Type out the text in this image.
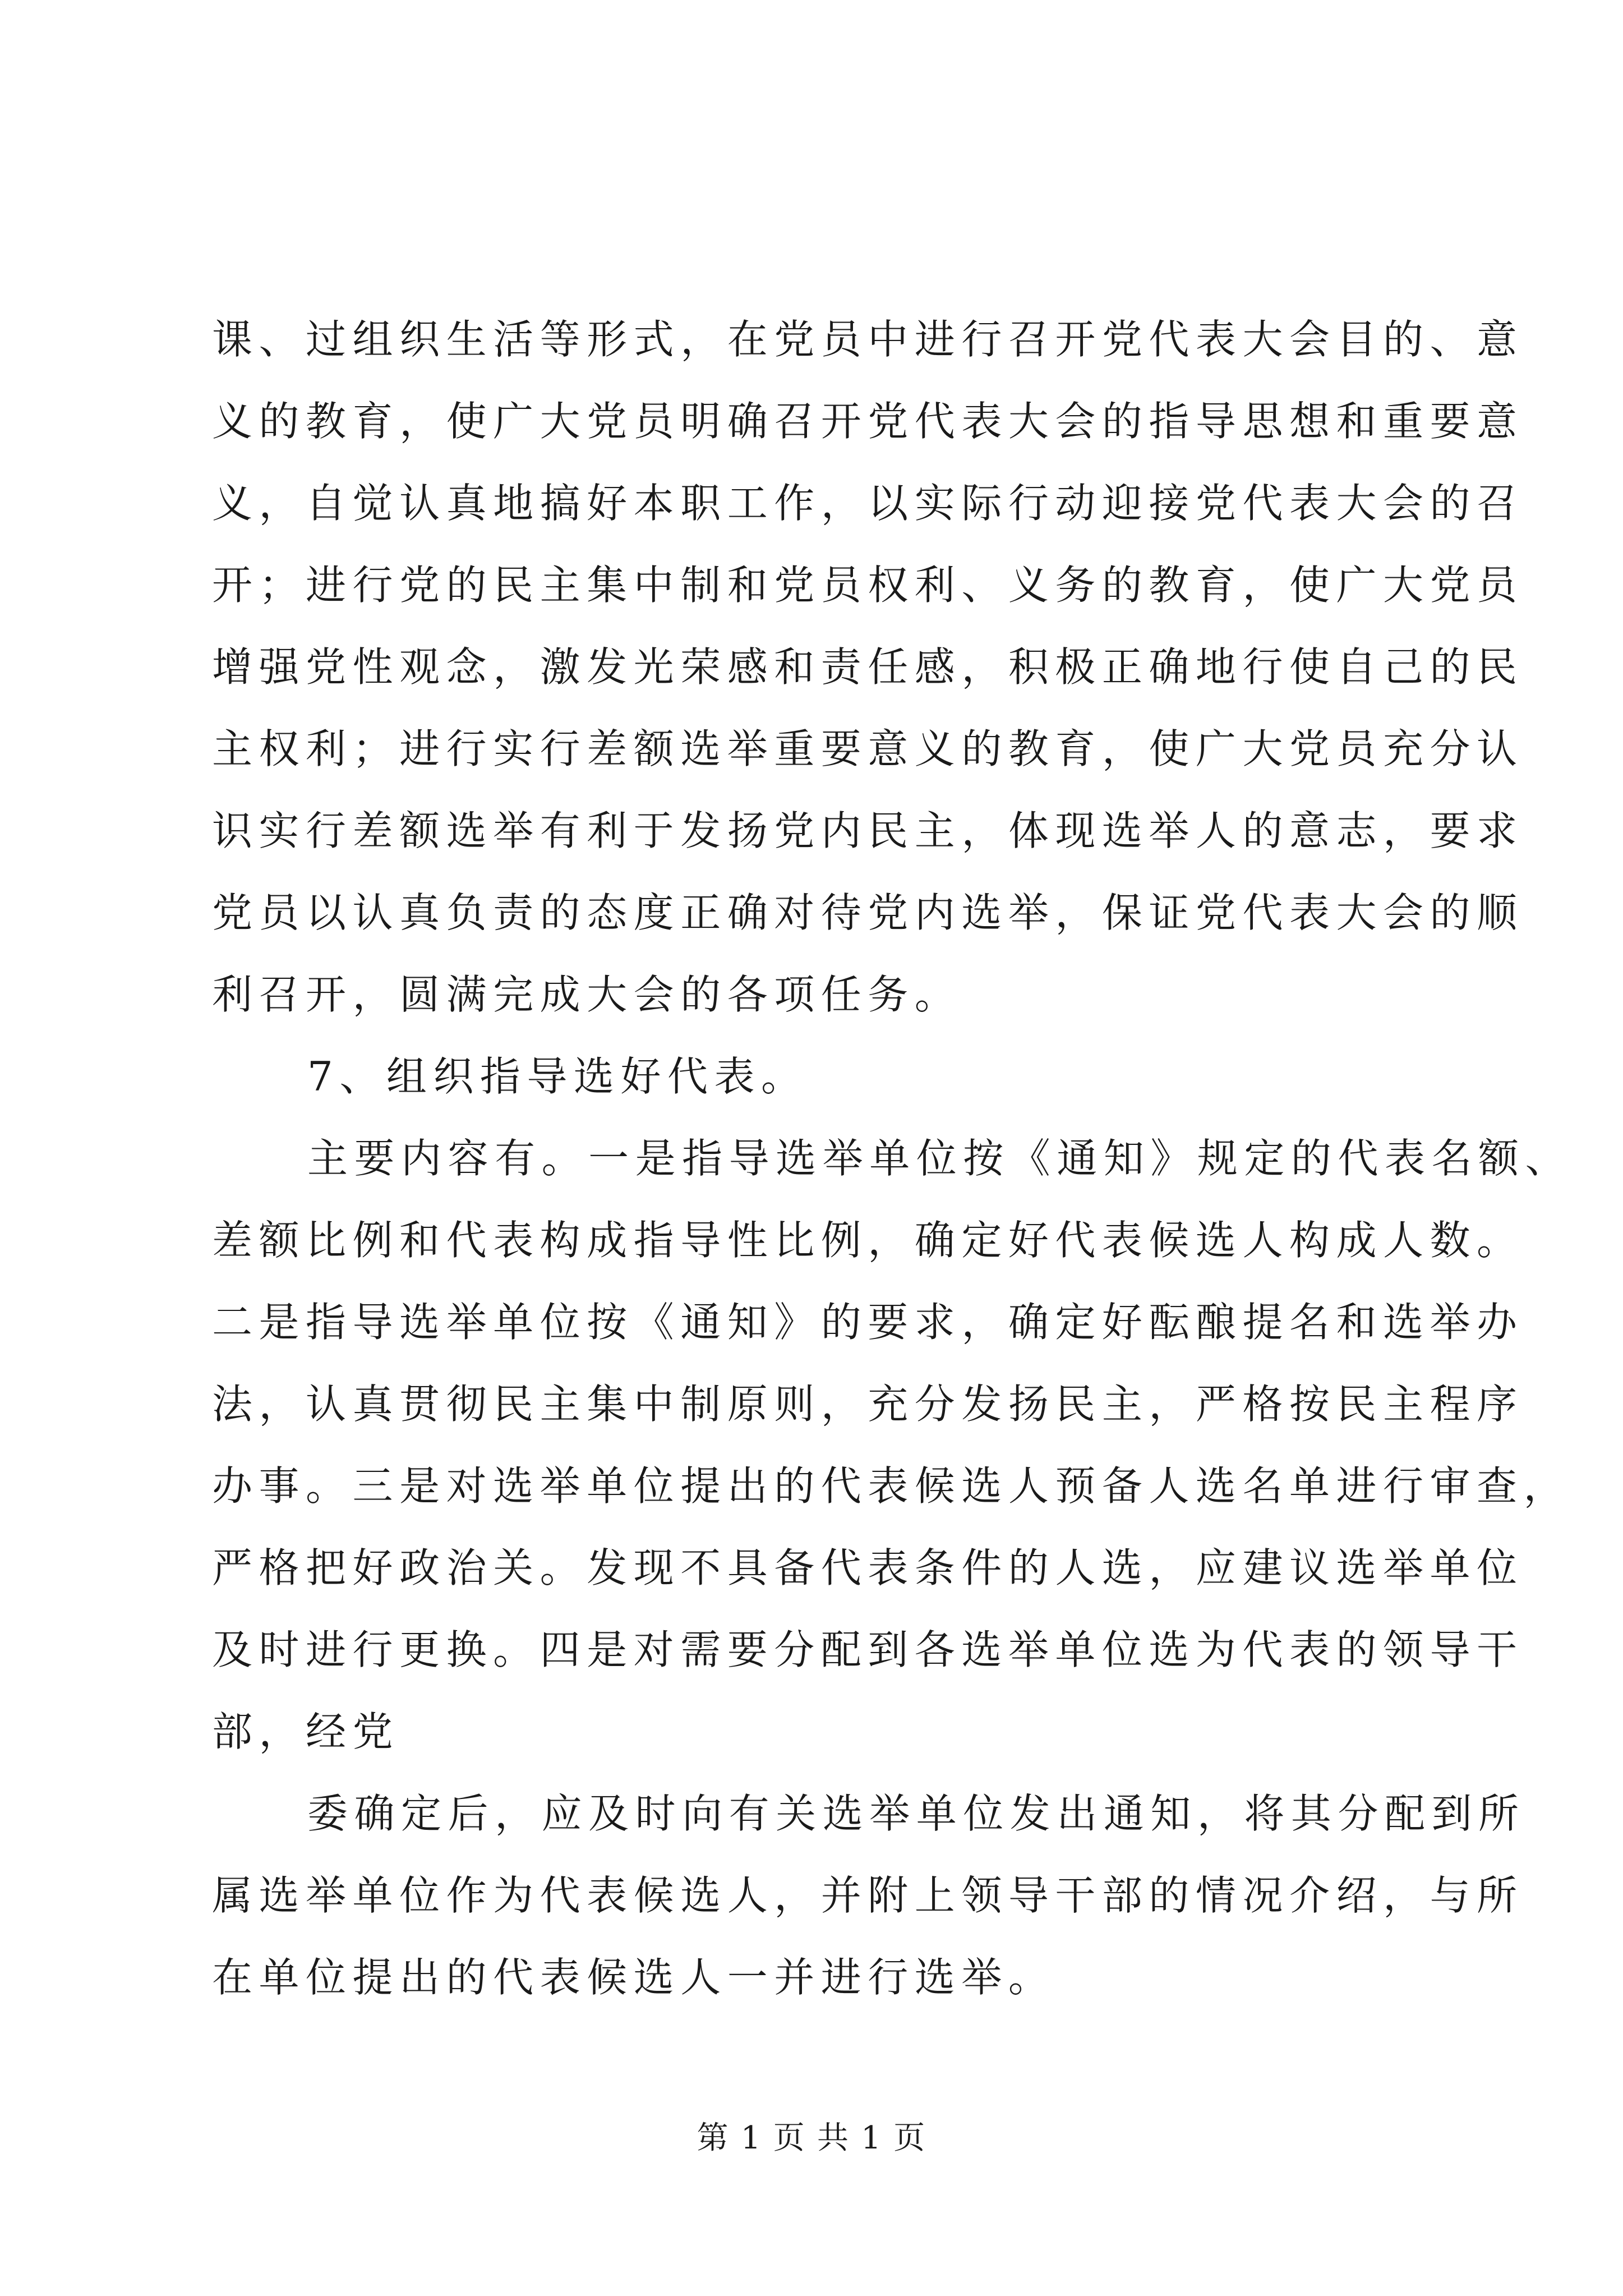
课、过组织生活等形式，在党员中进行召开党代表大会目的、意
义的教育，使广大党员明确召开党代表大会的指导思想和重要意
义，自觉认真地搞好本职工作，以实际行动迎接党代表大会的召
开；进行党的民主集中制和党员权利、义务的教育，使广大党员
增强党性观念，激发光荣感和责任感，积极正确地行使自己的民
主权利；进行实行差额选举重要意义的教育，使广大党员充分认
识实行差额选举有利于发扬党内民主，体现选举人的意志，要求
党员以认真负责的态度正确对待党内选举，保证党代表大会的顺
利召开，圆满完成大会的各项任务。
7、组织指导选好代表。
主要内容有。一是指导选举单位按《通知》规定的代表名额、
差额比例和代表构成指导性比例，确定好代表候选人构成人数。
二是指导选举单位按《通知》的要求，确定好酝酿提名和选举办
法，认真贯彻民主集中制原则，充分发扬民主，严格按民主程序
办事。三是对选举单位提出的代表候选人预备人选名单进行审查，
严格把好政治关。发现不具备代表条件的人选，应建议选举单位
及时进行更换。四是对需要分配到各选举单位选为代表的领导干
部，经党
委确定后，应及时向有关选举单位发出通知，将其分配到所
属选举单位作为代表候选人，并附上领导干部的情况介绍，与所
在单位提出的代表候选人一并进行选举。
第 1 页 共 1 页
